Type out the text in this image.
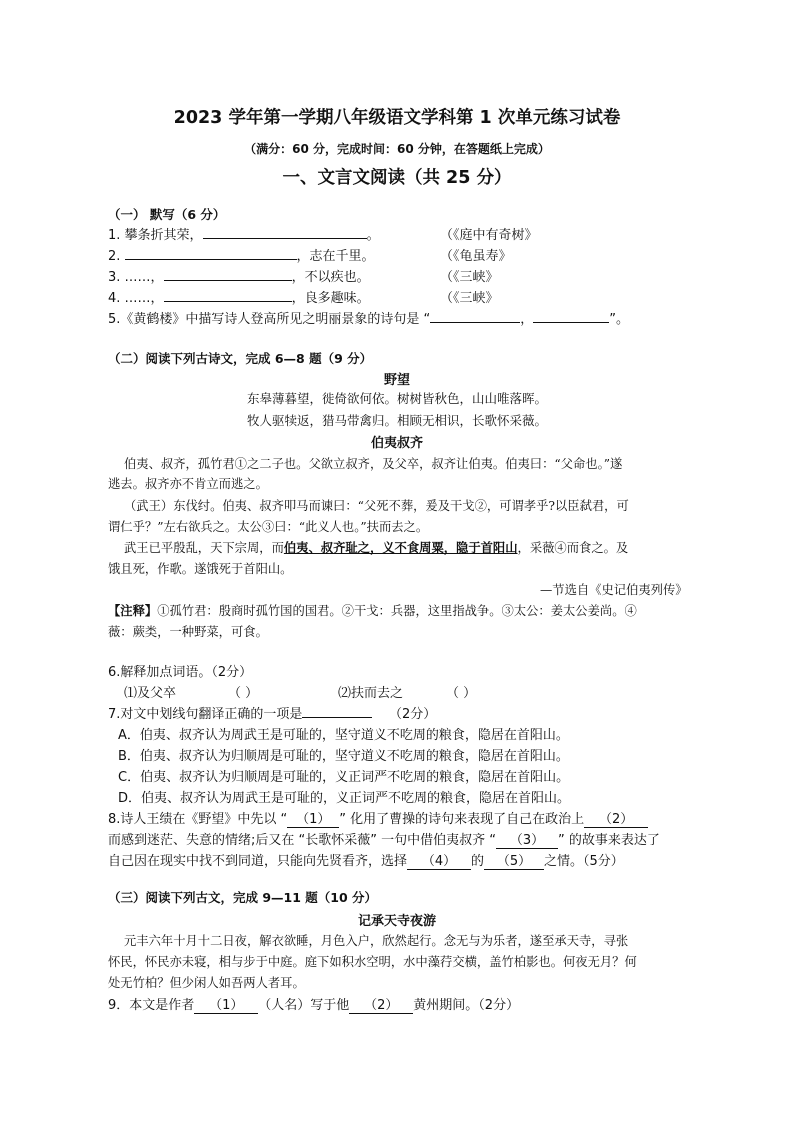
2023 学年第一学期八年级语文学科第 1 次单元练习试卷
（满分：60 分，完成时间：60 分钟，在答题纸上完成）
一、文言文阅读（共 25 分）
（一） 默写（6 分）
1. 攀条折其荣，	。	（《庭中有奇树》
2.	，志在千里。	（《龟虽寿》
3. ……，	，不以疾也。	（《三峡》
4. ……，	，良多趣味。	（《三峡》
5.《黄鹤楼》中描写诗人登高所见之明丽景象的诗句是 “	，	”。
（二）阅读下列古诗文，完成 6—8 题（9 分）
野望
东皋薄暮望，徙倚欲何依。树树皆秋色，山山唯落晖。
牧人驱犊返，猎马带禽归。相顾无相识，长歌怀采薇。
伯夷叔齐
伯夷、叔齐，孤竹君①之二子也。父欲立叔齐，及父卒，叔齐让伯夷。伯夷曰：“父命也。”遂
逃去。叔齐亦不肯立而逃之。
（武王）东伐纣。伯夷、叔齐叩马而谏曰：“父死不葬，爰及干戈②，可谓孝乎?以臣弑君，可
谓仁乎？”左右欲兵之。太公③曰：“此义人也。”扶而去之。
武王已平殷乱，天下宗周，而伯夷、叔齐耻之，义不食周粟，隐于首阳山，采薇④而食之。及
饿且死，作歌。遂饿死于首阳山。
—节选自《史记伯夷列传》
【注释】①孤竹君：殷商时孤竹国的国君。②干戈：兵器，这里指战争。③太公：姜太公姜尚。④
薇：蕨类，一种野菜，可食。
6.解释加点词语。（2分）
⑴及父卒	（ ）	⑵扶而去之	（ ）
7.对文中划线句翻译正确的一项是	（2分）
A．伯夷、叔齐认为周武王是可耻的，坚守道义不吃周的粮食，隐居在首阳山。
B．伯夷、叔齐认为归顺周是可耻的，坚守道义不吃周的粮食，隐居在首阳山。
C．伯夷、叔齐认为归顺周是可耻的，义正词严不吃周的粮食，隐居在首阳山。
D．伯夷、叔齐认为周武王是可耻的，义正词严不吃周的粮食，隐居在首阳山。
8.诗人王绩在《野望》中先以 “ （1） ” 化用了曹操的诗句来表现了自己在政治上 （2）
而感到迷茫、失意的情绪;后又在 “长歌怀采薇” 一句中借伯夷叔齐 “ （3） ” 的故事来表达了
自己因在现实中找不到同道，只能向先贤看齐，选择 （4） 的 （5） 之情。（5分）
（三）阅读下列古文，完成 9—11 题（10 分）
记承天寺夜游
元丰六年十月十二日夜，解衣欲睡，月色入户，欣然起行。念无与为乐者，遂至承天寺，寻张
怀民，怀民亦未寝，相与步于中庭。庭下如积水空明，水中藻荇交横，盖竹柏影也。何夜无月？何
处无竹柏？但少闲人如吾两人者耳。
9．本文是作者 （1） （人名）写于他 （2） 黄州期间。（2分）
